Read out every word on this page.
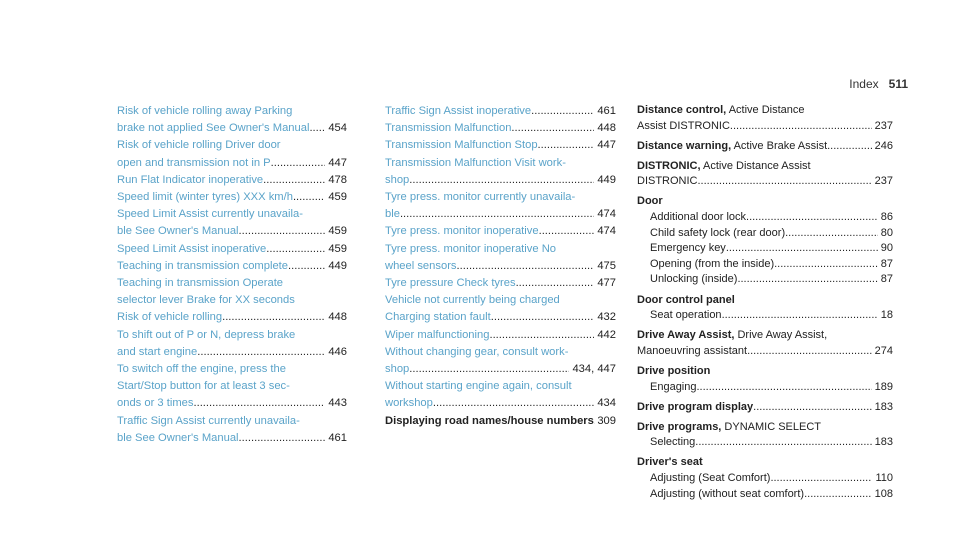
Index 511
Risk of vehicle rolling away Parking
brake not applied See Owner's Manual ..... 454
Risk of vehicle rolling Driver door
open and transmission not in P .....	447
Run Flat Indicator inoperative .....	478
Speed limit (winter tyres) XXX km/h .....	459
Speed Limit Assist currently unavaila-
ble See Owner's Manual .....	459
Speed Limit Assist inoperative .....	459
Teaching in transmission complete .....	449
Teaching in transmission Operate
selector lever Brake for XX seconds
Risk of vehicle rolling .....	448
To shift out of P or N, depress brake
and start engine .....	446
To switch off the engine, press the
Start/Stop button for at least 3 sec-
onds or 3 times .....	443
Traffic Sign Assist currently unavaila-
ble See Owner's Manual .....	461
Traffic Sign Assist inoperative .....	461
Transmission Malfunction .....	448
Transmission Malfunction Stop .....	447
Transmission Malfunction Visit work-
shop .....	449
Tyre press. monitor currently unavaila-
ble .....	474
Tyre press. monitor inoperative .....	474
Tyre press. monitor inoperative No
wheel sensors .....	475
Tyre pressure Check tyres .....	477
Vehicle not currently being charged
Charging station fault .....	432
Wiper malfunctioning .....	442
Without changing gear, consult work-
shop .....	434, 447
Without starting engine again, consult
workshop .....	434
Displaying road names/house numbers ..... 309
Distance control, Active Distance
Assist DISTRONIC .....	237
Distance warning, Active Brake Assist .....	246
DISTRONIC, Active Distance Assist
DISTRONIC .....	237
Door
Additional door lock .....	86
Child safety lock (rear door) .....	80
Emergency key .....	90
Opening (from the inside) .....	87
Unlocking (inside) .....	87
Door control panel
Seat operation .....	18
Drive Away Assist, Drive Away Assist,
Manoeuvring assistant .....	274
Drive position
Engaging .....	189
Drive program display .....	183
Drive programs, DYNAMIC SELECT
Selecting .....	183
Driver's seat
Adjusting (Seat Comfort) .....	110
Adjusting (without seat comfort) .....	108
